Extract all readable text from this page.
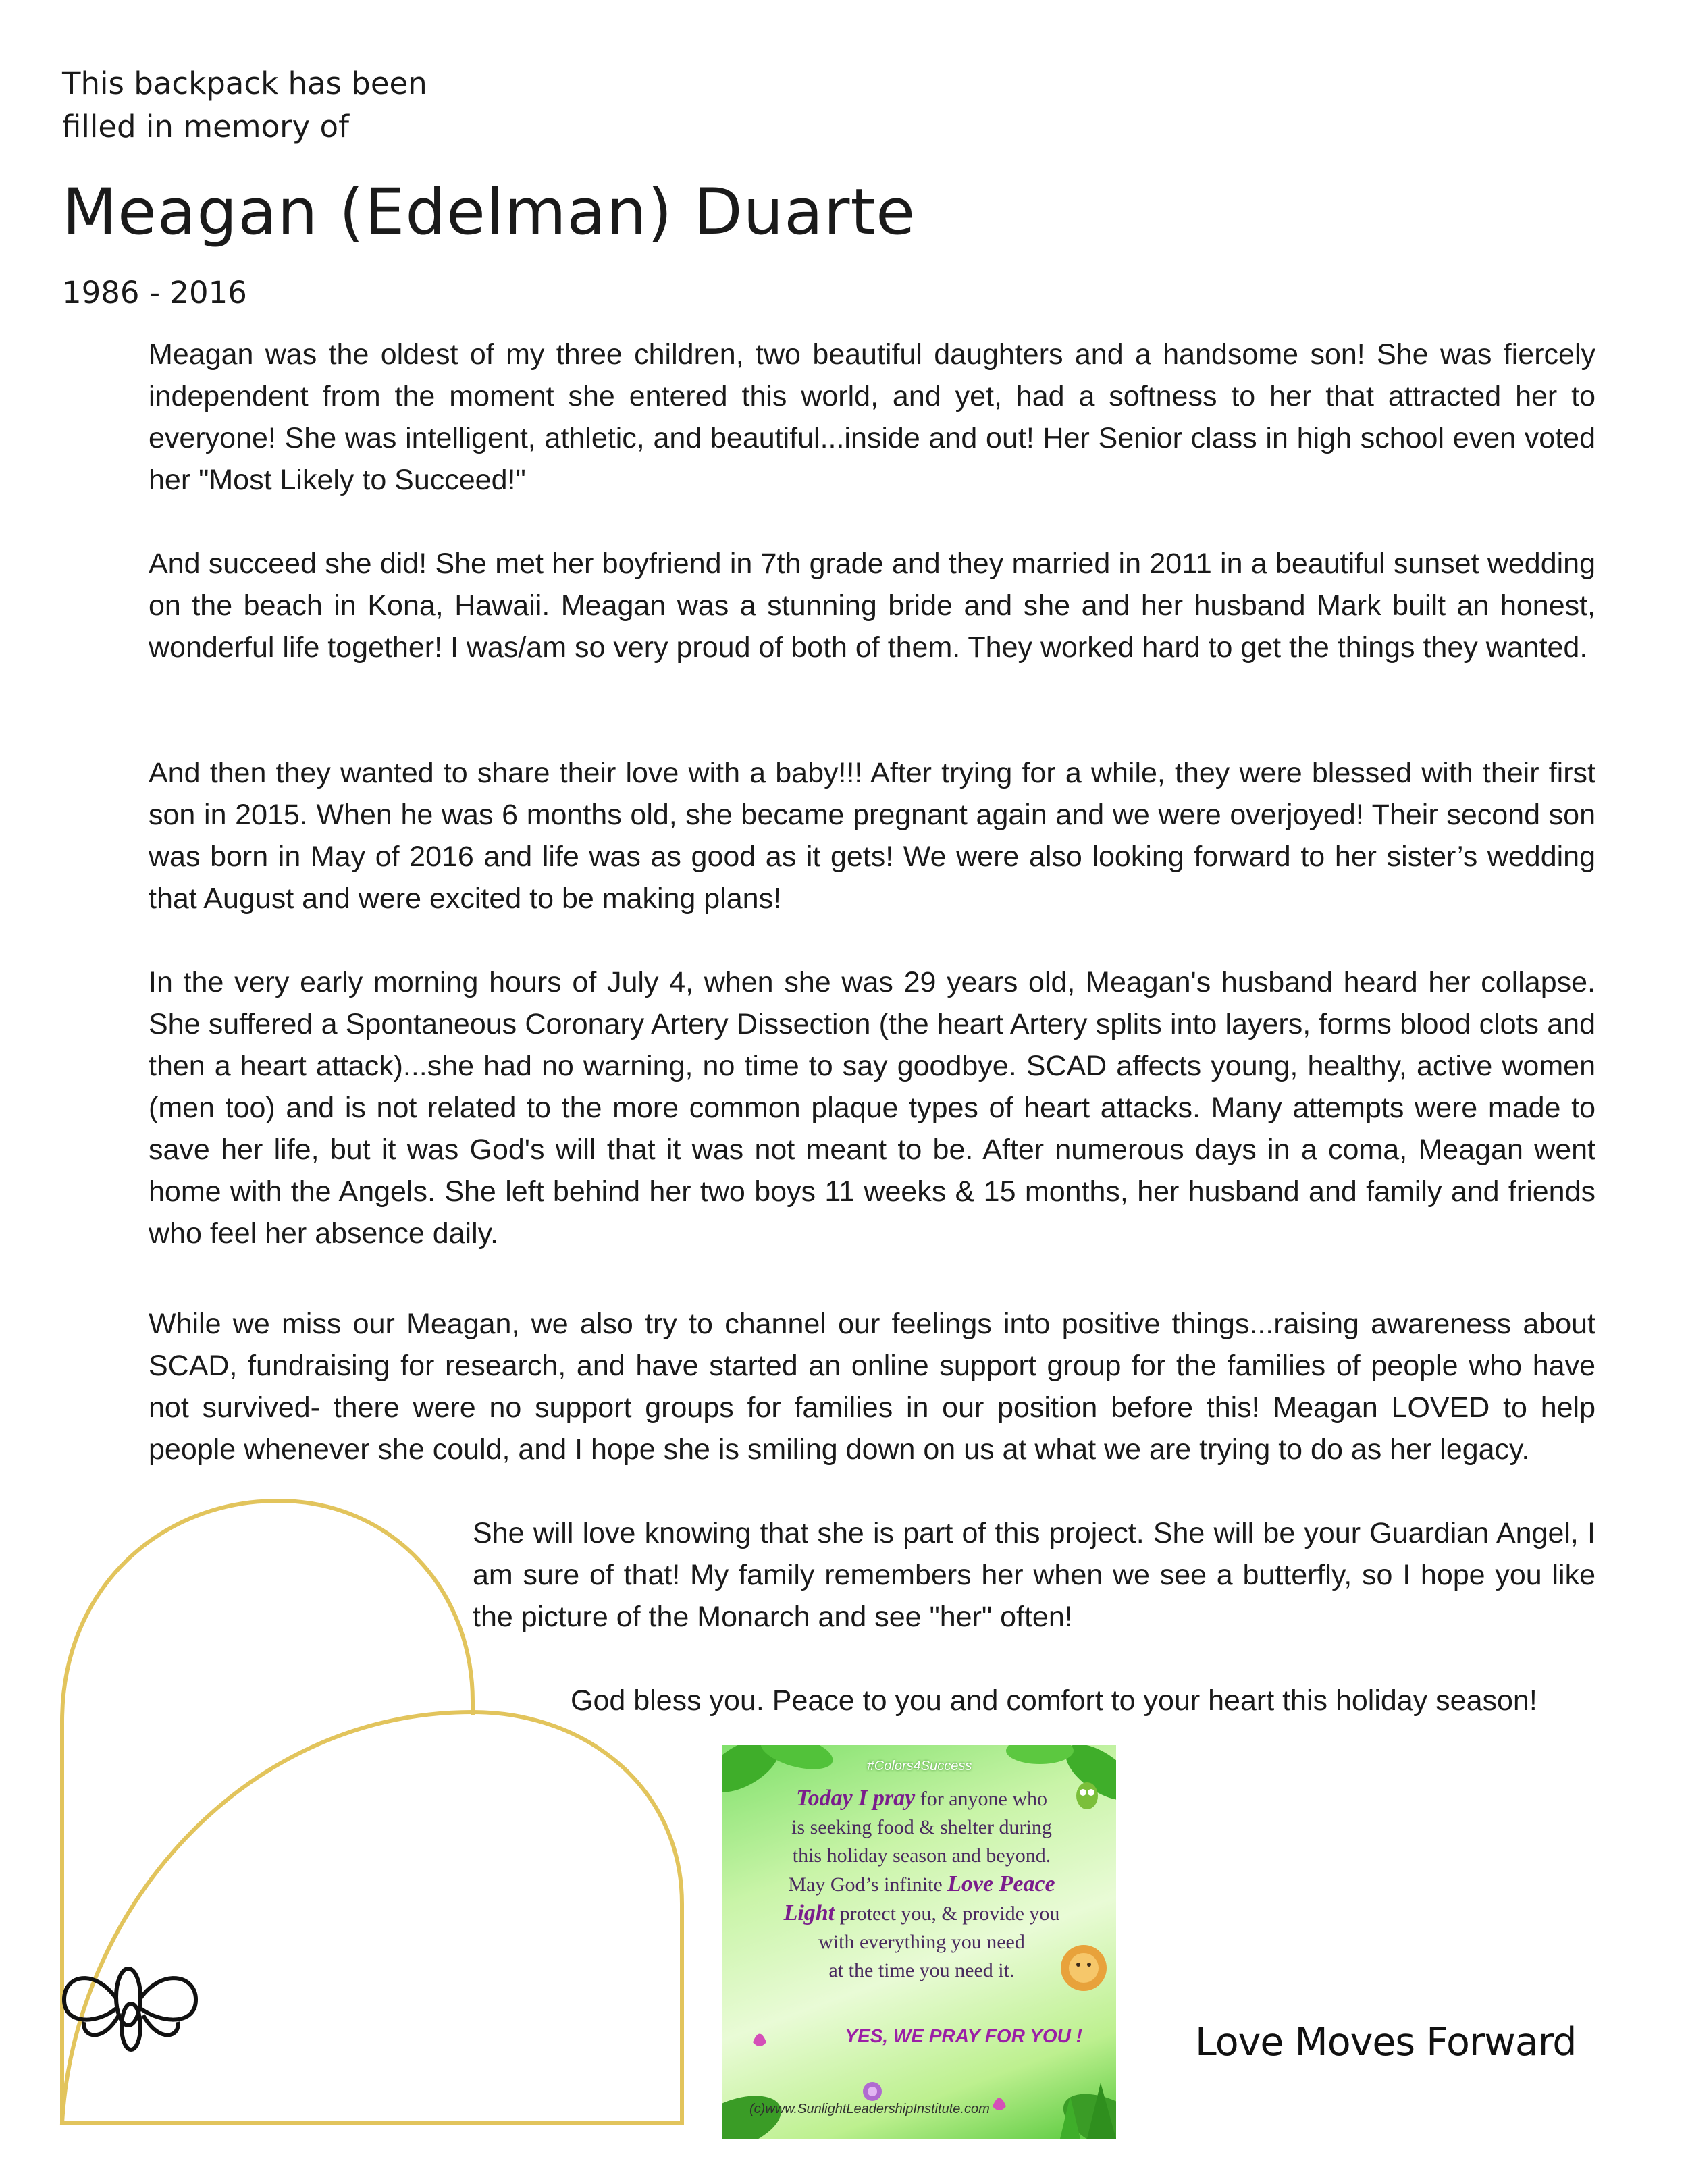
This backpack has been
filled in memory of
Meagan (Edelman) Duarte
1986 - 2016

Meagan was the oldest of my three children, two beautiful daughters and a handsome son! She was fiercely independent from the moment she entered this world, and yet, had a softness to her that attracted her to everyone! She was intelligent, athletic, and beautiful...inside and out! Her Senior class in high school even voted her "Most Likely to Succeed!"

And succeed she did! She met her boyfriend in 7th grade and they married in 2011 in a beautiful sunset wedding on the beach in Kona, Hawaii. Meagan was a stunning bride and she and her husband Mark built an honest, wonderful life together! I was/am so very proud of both of them. They worked hard to get the things they wanted.

And then they wanted to share their love with a baby!!! After trying for a while, they were blessed with their first son in 2015. When he was 6 months old, she became pregnant again and we were overjoyed! Their second son was born in May of 2016 and life was as good as it gets! We were also looking forward to her sister’s wedding that August and were excited to be making plans!

In the very early morning hours of July 4, when she was 29 years old, Meagan's husband heard her collapse. She suffered a Spontaneous Coronary Artery Dissection (the heart Artery splits into layers, forms blood clots and then a heart attack)...she had no warning, no time to say goodbye. SCAD affects young, healthy, active women (men too) and is not related to the more common plaque types of heart attacks. Many attempts were made to save her life, but it was God's will that it was not meant to be. After numerous days in a coma, Meagan went home with the Angels. She left behind her two boys 11 weeks & 15 months, her husband and family and friends who feel her absence daily.

While we miss our Meagan, we also try to channel our feelings into positive things...raising awareness about SCAD, fundraising for research, and have started an online support group for the families of people who have not survived- there were no support groups for families in our position before this! Meagan LOVED to help people whenever she could, and I hope she is smiling down on us at what we are trying to do as her legacy.

She will love knowing that she is part of this project. She will be your Guardian Angel, I am sure of that! My family remembers her when we see a butterfly, so I hope you like the picture of the Monarch and see "her" often!

God bless you. Peace to you and comfort to your heart this holiday season!
#Colors4Success
Today I pray for anyone who
is seeking food & shelter during
this holiday season and beyond.
May God’s infinite Love Peace
Light protect you, & provide you
with everything you need
at the time you need it.
YES, WE PRAY FOR YOU !
(c)www.SunlightLeadershipInstitute.com
Love Moves Forward
